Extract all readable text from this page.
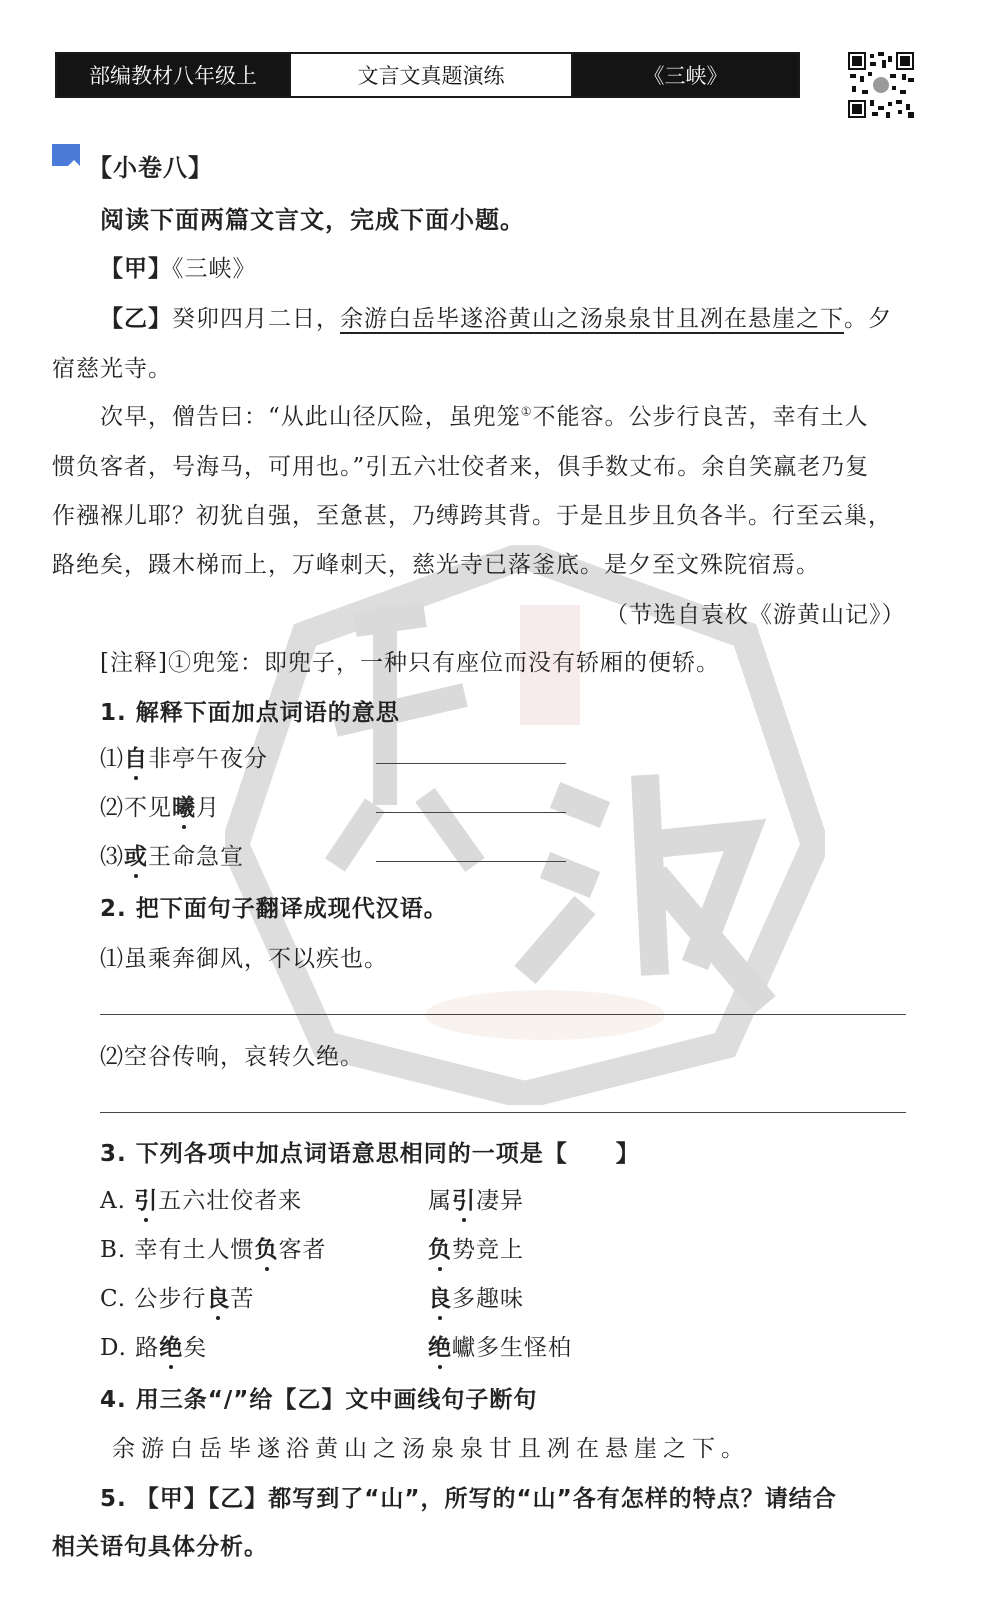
部编教材八年级上	文言文真题演练	《三峡》
【小卷八】
阅读下面两篇文言文，完成下面小题。
【甲】《三峡》
【乙】癸卯四月二日，余游白岳毕遂浴黄山之汤泉泉甘且冽在悬崖之下。夕
宿慈光寺。
次早，僧告曰：“从此山径仄险，虽兜笼①不能容。公步行良苦，幸有土人
惯负客者，号海马，可用也。”引五六壮佼者来，俱手数丈布。余自笑羸老乃复
作襁褓儿耶？初犹自强，至惫甚，乃缚跨其背。于是且步且负各半。行至云巢，
路绝矣，蹑木梯而上，万峰刺天，慈光寺已落釜底。是夕至文殊院宿焉。
（节选自袁枚《游黄山记》）
[注释]①兜笼：即兜子，一种只有座位而没有轿厢的便轿。
1. 解释下面加点词语的意思
⑴自非亭午夜分
⑵不见曦月
⑶或王命急宣
2. 把下面句子翻译成现代汉语。
⑴虽乘奔御风，不以疾也。
⑵空谷传响，哀转久绝。
3. 下列各项中加点词语意思相同的一项是【　　】
A. 引五六壮佼者来	属引凄异
B. 幸有土人惯负客者	负势竞上
C. 公步行良苦	良多趣味
D. 路绝矣	绝巘多生怪柏
4. 用三条“/”给【乙】文中画线句子断句
余游白岳毕遂浴黄山之汤泉泉甘且冽在悬崖之下。
5. 【甲】【乙】都写到了“山”，所写的“山”各有怎样的特点？请结合
相关语句具体分析。
